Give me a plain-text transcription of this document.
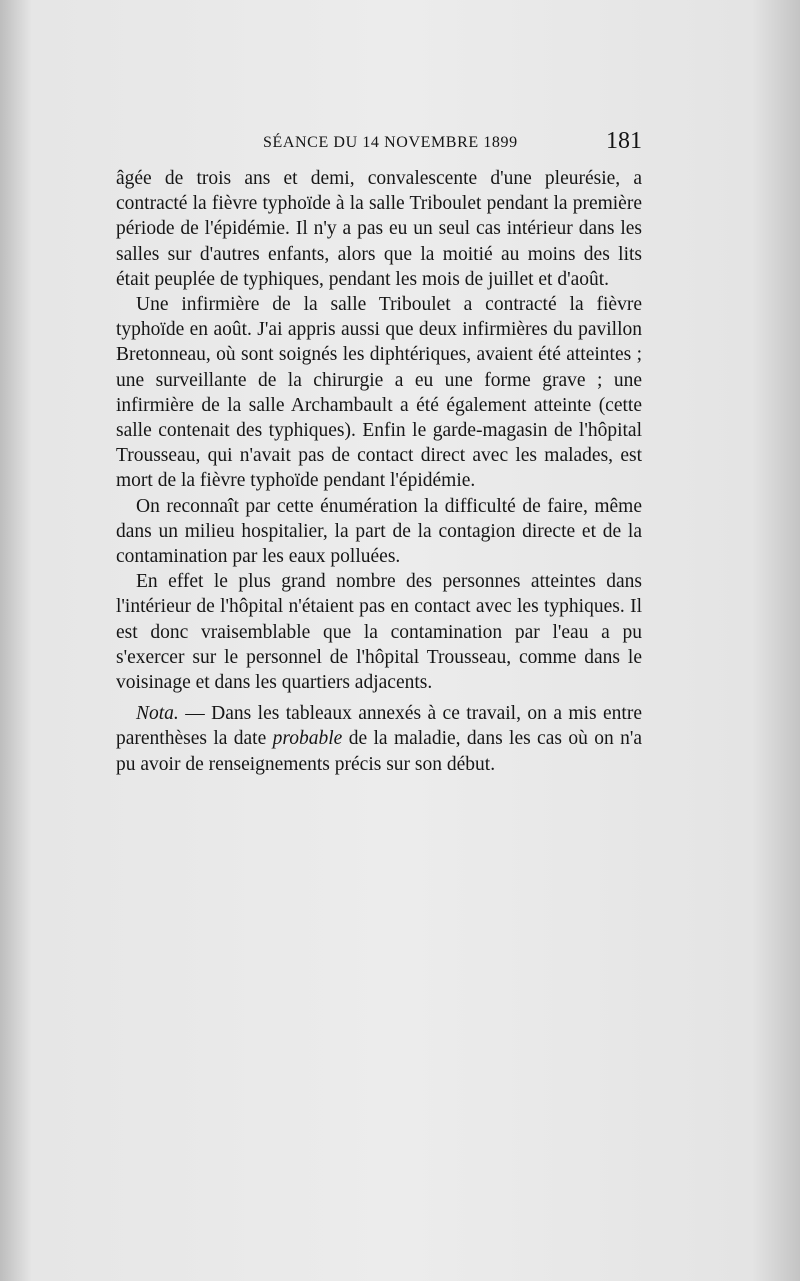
SÉANCE DU 14 NOVEMBRE 1899	181

âgée de trois ans et demi, convalescente d'une pleurésie, a contracté la fièvre typhoïde à la salle Triboulet pendant la première période de l'épidémie. Il n'y a pas eu un seul cas intérieur dans les salles sur d'autres enfants, alors que la moitié au moins des lits était peuplée de typhiques, pendant les mois de juillet et d'août.

Une infirmière de la salle Triboulet a contracté la fièvre typhoïde en août. J'ai appris aussi que deux infirmières du pavillon Bretonneau, où sont soignés les diphtériques, avaient été atteintes ; une surveillante de la chirurgie a eu une forme grave ; une infirmière de la salle Archambault a été également atteinte (cette salle contenait des typhiques). Enfin le garde-magasin de l'hôpital Trousseau, qui n'avait pas de contact direct avec les malades, est mort de la fièvre typhoïde pendant l'épidémie.

On reconnaît par cette énumération la difficulté de faire, même dans un milieu hospitalier, la part de la contagion directe et de la contamination par les eaux polluées.

En effet le plus grand nombre des personnes atteintes dans l'intérieur de l'hôpital n'étaient pas en contact avec les typhiques. Il est donc vraisemblable que la contamination par l'eau a pu s'exercer sur le personnel de l'hôpital Trousseau, comme dans le voisinage et dans les quartiers adjacents.

Nota. — Dans les tableaux annexés à ce travail, on a mis entre parenthèses la date probable de la maladie, dans les cas où on n'a pu avoir de renseignements précis sur son début.
